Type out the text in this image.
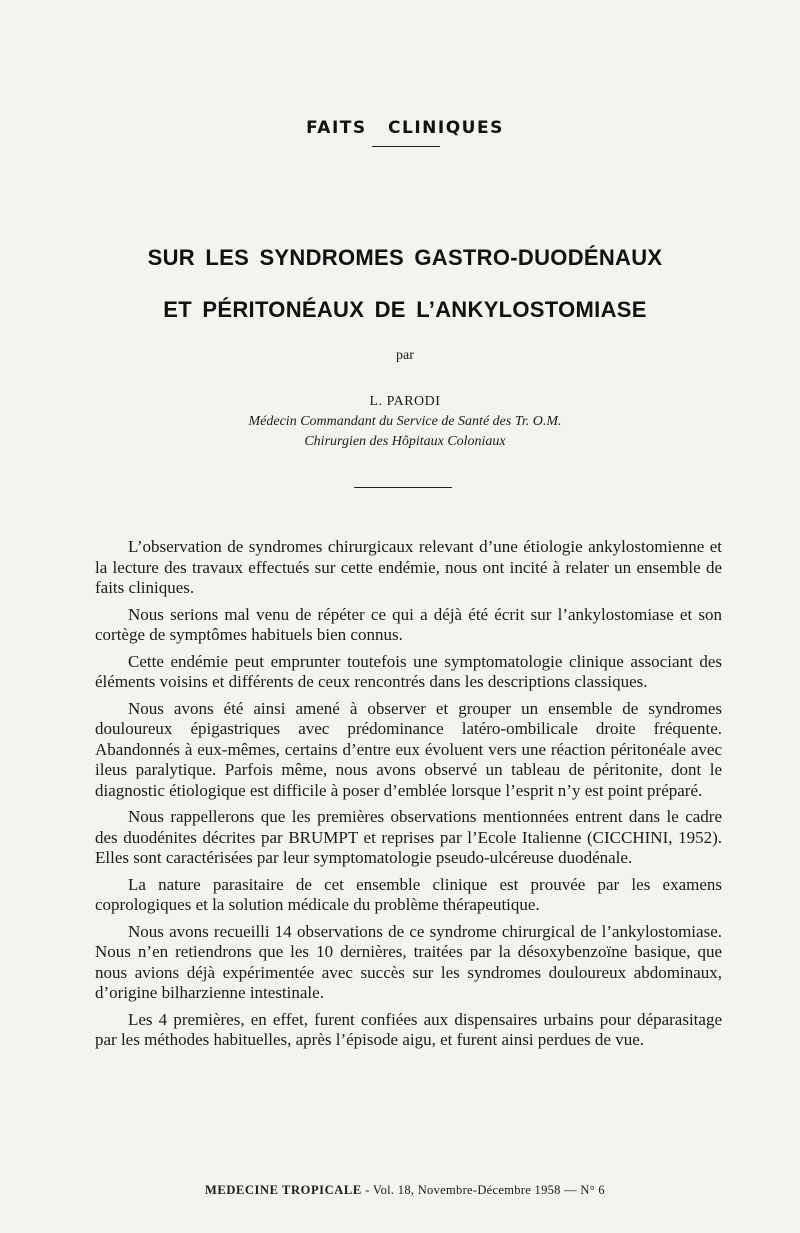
FAITS CLINIQUES
SUR LES SYNDROMES GASTRO-DUODÉNAUX
ET PÉRITONÉAUX DE L’ANKYLOSTOMIASE
par
L. PARODI
Médecin Commandant du Service de Santé des Tr. O.M.
Chirurgien des Hôpitaux Coloniaux

L’observation de syndromes chirurgicaux relevant d’une étiologie ankylostomienne et la lecture des travaux effectués sur cette endémie, nous ont incité à relater un ensemble de faits cliniques.

Nous serions mal venu de répéter ce qui a déjà été écrit sur l’ankylostomiase et son cortège de symptômes habituels bien connus.

Cette endémie peut emprunter toutefois une symptomatologie clinique associant des éléments voisins et différents de ceux rencontrés dans les descriptions classiques.

Nous avons été ainsi amené à observer et grouper un ensemble de syndromes douloureux épigastriques avec prédominance latéro-ombilicale droite fréquente. Abandonnés à eux-mêmes, certains d’entre eux évoluent vers une réaction péritonéale avec ileus paralytique. Parfois même, nous avons observé un tableau de péritonite, dont le diagnostic étiologique est difficile à poser d’emblée lorsque l’esprit n’y est point préparé.

Nous rappellerons que les premières observations mentionnées entrent dans le cadre des duodénites décrites par BRUMPT et reprises par l’Ecole Italienne (CICCHINI, 1952). Elles sont caractérisées par leur symptomatologie pseudo-ulcéreuse duodénale.

La nature parasitaire de cet ensemble clinique est prouvée par les examens coprologiques et la solution médicale du problème thérapeutique.

Nous avons recueilli 14 observations de ce syndrome chirurgical de l’ankylostomiase. Nous n’en retiendrons que les 10 dernières, traitées par la désoxybenzoïne basique, que nous avions déjà expérimentée avec succès sur les syndromes douloureux abdominaux, d’origine bilharzienne intestinale.

Les 4 premières, en effet, furent confiées aux dispensaires urbains pour déparasitage par les méthodes habituelles, après l’épisode aigu, et furent ainsi perdues de vue.

MEDECINE TROPICALE - Vol. 18, Novembre-Décembre 1958 — N° 6
